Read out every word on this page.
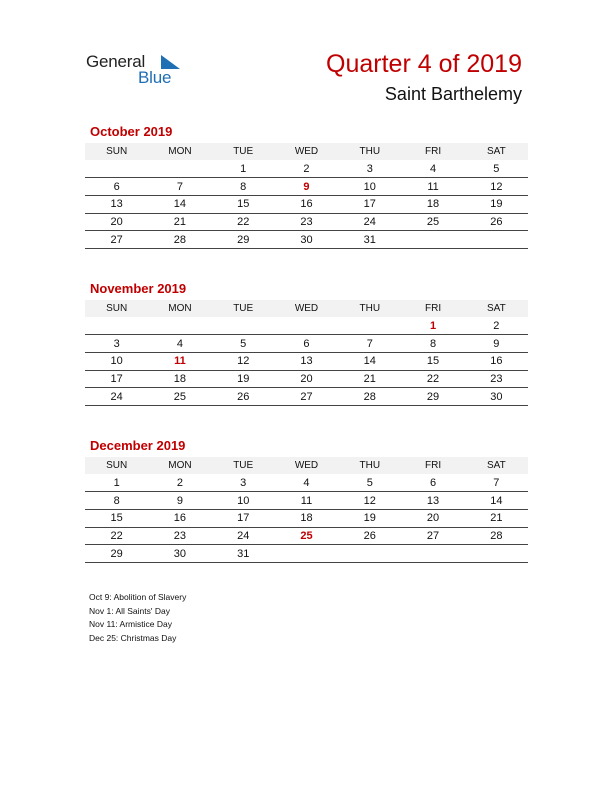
General
Blue	Quarter 4 of 2019
Saint Barthelemy
October 2019
SUN	MON	TUE	WED	THU	FRI	SAT
		1	2	3	4	5
6	7	8	9	10	11	12
13	14	15	16	17	18	19
20	21	22	23	24	25	26
27	28	29	30	31		
November 2019
SUN	MON	TUE	WED	THU	FRI	SAT
					1	2
3	4	5	6	7	8	9
10	11	12	13	14	15	16
17	18	19	20	21	22	23
24	25	26	27	28	29	30
December 2019
SUN	MON	TUE	WED	THU	FRI	SAT
1	2	3	4	5	6	7
8	9	10	11	12	13	14
15	16	17	18	19	20	21
22	23	24	25	26	27	28
29	30	31				
Oct 9: Abolition of Slavery
Nov 1: All Saints' Day
Nov 11: Armistice Day
Dec 25: Christmas Day
